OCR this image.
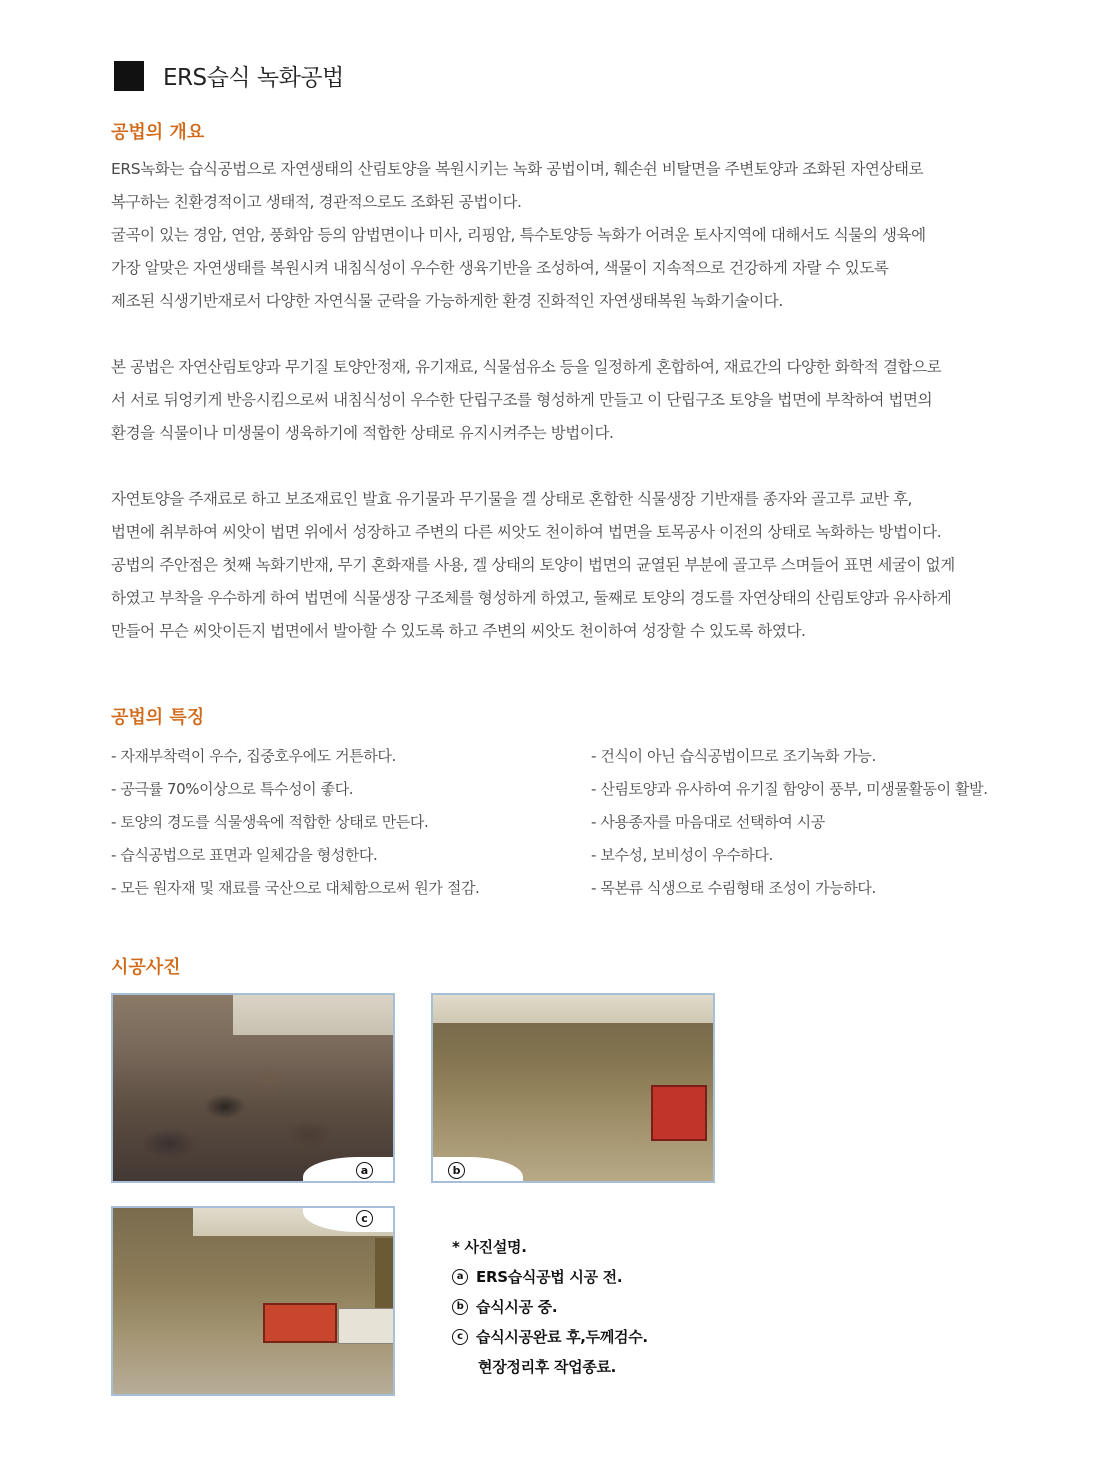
ERS습식 녹화공법
공법의 개요
ERS녹화는 습식공법으로 자연생태의 산림토양을 복원시키는 녹화 공법이며, 훼손쉰 비탈면을 주변토양과 조화된 자연상태로
복구하는 친환경적이고 생태적, 경관적으로도 조화된 공법이다.
굴곡이 있는 경암, 연암, 풍화암 등의 암법면이나 미사, 리핑암, 특수토양등 녹화가 어려운 토사지역에 대해서도 식물의 생육에
가장 알맞은 자연생태를 복원시켜 내침식성이 우수한 생육기반을 조성하여, 색물이 지속적으로 건강하게 자랄 수 있도록
제조된 식생기반재로서 다양한 자연식물 군락을 가능하게한 환경 진화적인 자연생태복원 녹화기술이다.
본 공법은 자연산림토양과 무기질 토양안정재, 유기재료, 식물섬유소 등을 일정하게 혼합하여, 재료간의 다양한 화학적 결합으로
서 서로 뒤엉키게 반응시킴으로써 내침식성이 우수한 단립구조를 형성하게 만들고 이 단립구조 토양을 법면에 부착하여 법면의
환경을 식물이나 미생물이 생육하기에 적합한 상태로 유지시켜주는 방법이다.
자연토양을 주재료로 하고 보조재료인 발효 유기물과 무기물을 겔 상태로 혼합한 식물생장 기반재를 종자와 골고루 교반 후,
법면에 취부하여 씨앗이 법면 위에서 성장하고 주변의 다른 씨앗도 천이하여 법면을 토목공사 이전의 상태로 녹화하는 방법이다.
공법의 주안점은 첫째 녹화기반재, 무기 혼화재를 사용, 겔 상태의 토양이 법면의 균열된 부분에 골고루 스며들어 표면 세굴이 없게
하였고 부착을 우수하게 하여 법면에 식물생장 구조체를 형성하게 하였고, 둘째로 토양의 경도를 자연상태의 산림토양과 유사하게
만들어 무슨 씨앗이든지 법면에서 발아할 수 있도록 하고 주변의 씨앗도 천이하여 성장할 수 있도록 하였다.
공법의 특징
- 자재부착력이 우수, 집중호우에도 거튼하다.
- 공극률 70%이상으로 특수성이 좋다.
- 토양의 경도를 식물생육에 적합한 상태로 만든다.
- 습식공법으로 표면과 일체감을 형성한다.
- 모든 원자재 및 재료를 국산으로 대체함으로써 원가 절감.
- 건식이 아닌 습식공법이므로 조기녹화 가능.
- 산림토양과 유사하여 유기질 함양이 풍부, 미생물활동이 활발.
- 사용종자를 마음대로 선택하여 시공
- 보수성, 보비성이 우수하다.
- 목본류 식생으로 수림형태 조성이 가능하다.
시공사진
a	b
c
* 사진설명.
a ERS습식공법 시공 전.
b 습식시공 중.
c 습식시공완료 후,두께검수.
현장정리후 작업종료.
